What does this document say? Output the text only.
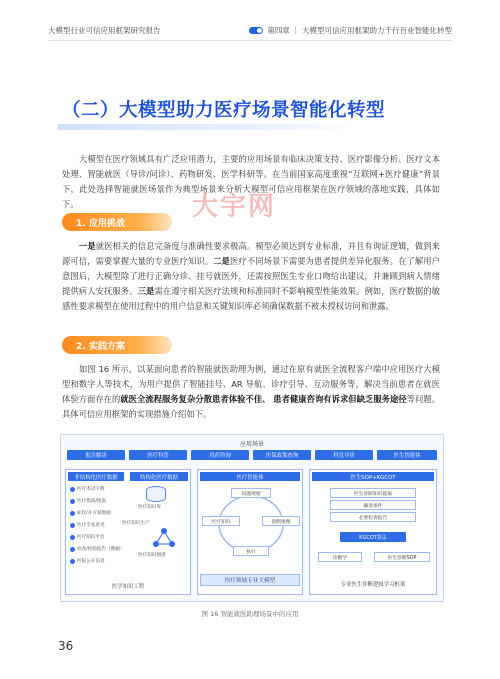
大模型行业可信应用框架研究报告	第四章 ｜ 大模型可信应用框架助力千行百业智能化转型
（二）大模型助力医疗场景智能化转型
大模型在医疗领域具有广泛应用潜力，主要的应用场景有临床决策支持、医疗影像分析、医疗文本处理、智能就医（导诊/问诊）、药物研发、医学科研等。在当前国家高度重视“互联网+医疗健康”背景下，此处选择智能就医场景作为典型场景来分析大模型可信应用框架在医疗领域的落地实践，具体如下。	大宇网
1. 应用挑战
一是就医相关的信息完备度与准确性要求极高。模型必须达到专业标准，并且有询证逻辑，做到来源可信，需要掌握大量的专业医疗知识。二是医疗不同场景下需要为患者提供差异化服务。在了解用户意图后，大模型除了进行正确分诊、挂号就医外，还需按照医生专业口吻给出建议，并兼顾到病人情绪提供病人安抚服务。三是需在遵守相关医疗法规和标准同时不影响模型性能效果。例如，医疗数据的敏感性要求模型在使用过程中的用户信息和关键知识库必须确保数据不被未授权访问和泄露。
2. 实践方案
如图 16 所示，以某面向患者的智能就医助理为例，通过在原有就医全流程客户端中应用医疗大模型和数字人等技术，为用户提供了智能挂号、AR 导航、诊疗引导、互动服务等，解决当前患者在就医体验方面存在的就医全流程服务复杂分散患者体验不佳、 患者健康咨询有诉求但缺乏服务途径等问题。具体可信应用框架的实现措施介绍如下。
应用场景
报告解读	医疗科普	用药咨询	医保政策查询	科室导诊	医生智能体
非结构化医疗数据	结构化医疗数据
医疗术语字典
医疗指南/指南
症状/开方案数据
医疗专家意见
医疗知识平台
检查/检验报告（数据）
医院公开信息
医疗知识库
医疗知识生产
医疗知识图谱
医学知识工程
医疗智能体
问题规划
医疗知识	诊断推理
执行
医疗领域专业大模型
医生SOP+KGCOT
医生诊断知识提取
确诊条件
必要检查报告
KGCOT算法
诊断学	医生诊断SOP
专业医生诊断逻辑学习框架
图 16 智能就医助理场景中的应用
36
